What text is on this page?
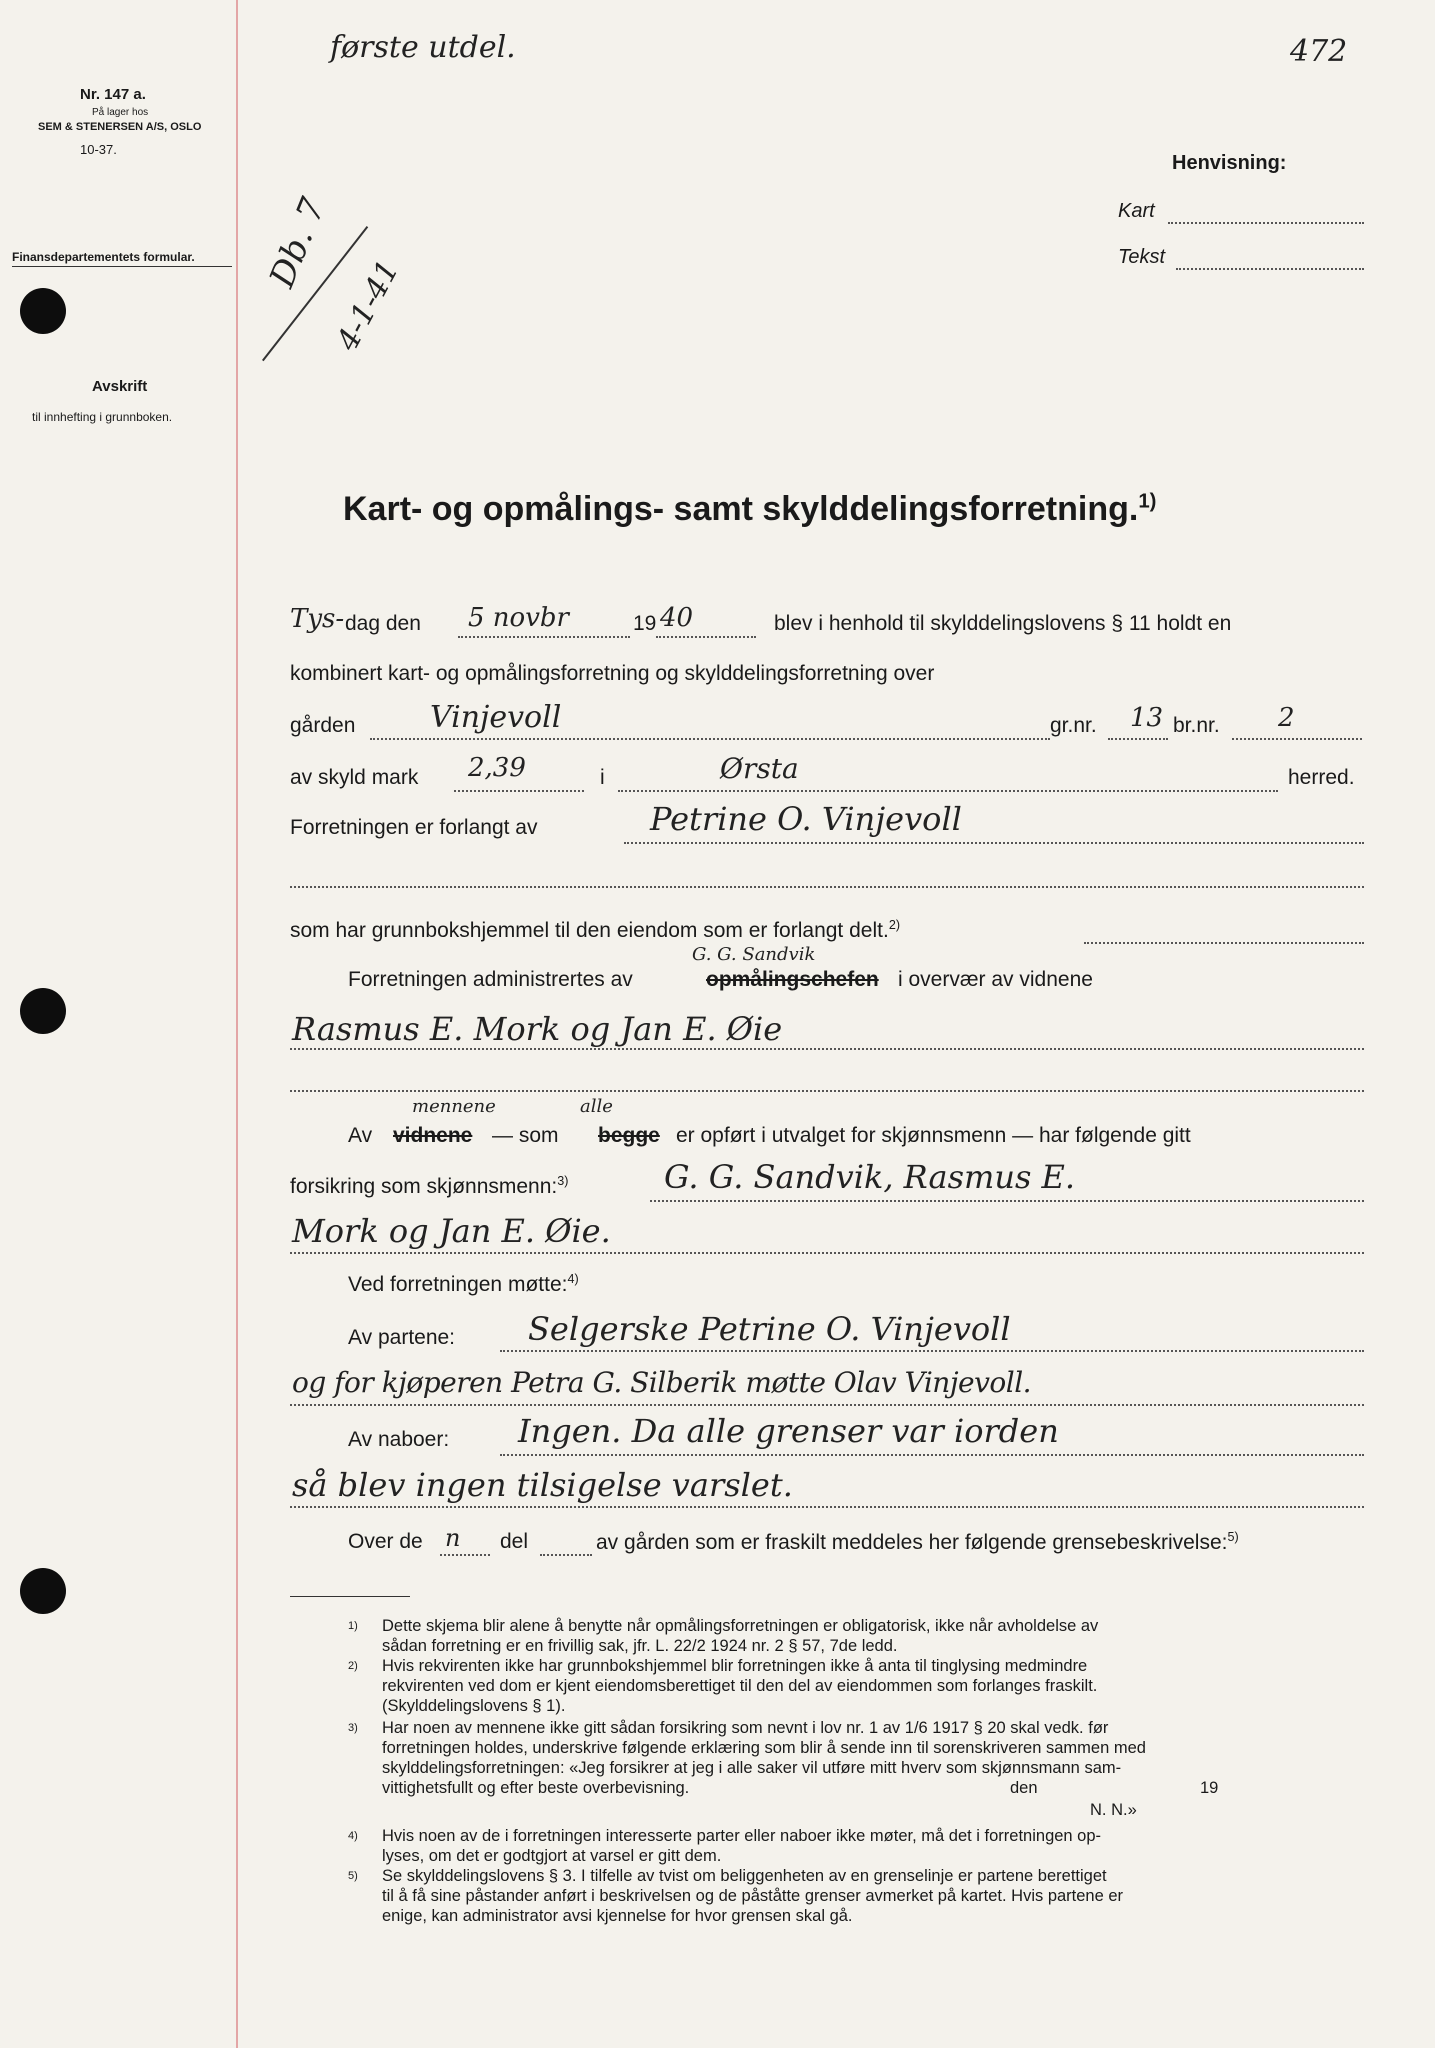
Nr. 147 a.
På lager hos
SEM & STENERSEN A/S, OSLO
10-37.
Finansdepartementets formular.
Avskrift
til innhefting i grunnboken.
første utdel.	472
Db. 7
4-1-41
Henvisning:
Kart
Tekst
Kart- og opmålings- samt skylddelingsforretning.$^{1)}$
Tys- dag den 5 novbr	19 40	blev i henhold til skylddelingslovens § 11 holdt en
kombinert kart- og opmålingsforretning og skylddelingsforretning over
gården Vinjevoll	gr.nr. 13 br.nr. 2
av skyld mark 2,39	i	Ørsta	herred.
Forretningen er forlangt av	Petrine O. Vinjevoll
som har grunnbokshjemmel til den eiendom som er forlangt delt.$^{2)}$
G. G. Sandvik
Forretningen administrertes av	opmålingschefen i overvær av vidnene
Rasmus E. Mork og Jan E. Øie
mennene	alle
Av vidnene — som begge er opført i utvalget for skjønnsmenn — har følgende gitt
forsikring som skjønnsmenn:$^{3)}$	G. G. Sandvik, Rasmus E.
Mork og Jan E. Øie.
Ved forretningen møtte:$^{4)}$
Av partene: Selgerske Petrine O. Vinjevoll
og for kjøperen Petra G. Silberik møtte Olav Vinjevoll.
Av naboer: Ingen. Da alle grenser var iorden
så blev ingen tilsigelse varslet.
Over de n del	av gården som er fraskilt meddeles her følgende grensebeskrivelse:$^{5)}$
1) Dette skjema blir alene å benytte når opmålingsforretningen er obligatorisk, ikke når avholdelse av
sådan forretning er en frivillig sak, jfr. L. 22/2 1924 nr. 2 § 57, 7de ledd.
2) Hvis rekvirenten ikke har grunnbokshjemmel blir forretningen ikke å anta til tinglysing medmindre
rekvirenten ved dom er kjent eiendomsberettiget til den del av eiendommen som forlanges fraskilt.
(Skylddelingslovens § 1).
3) Har noen av mennene ikke gitt sådan forsikring som nevnt i lov nr. 1 av 1/6 1917 § 20 skal vedk. før
forretningen holdes, underskrive følgende erklæring som blir å sende inn til sorenskriveren sammen med
skylddelingsforretningen: «Jeg forsikrer at jeg i alle saker vil utføre mitt hverv som skjønnsmann sam-
vittighetsfullt og efter beste overbevisning.	den	19
N. N.»
4) Hvis noen av de i forretningen interesserte parter eller naboer ikke møter, må det i forretningen op-
lyses, om det er godtgjort at varsel er gitt dem.
5) Se skylddelingslovens § 3. I tilfelle av tvist om beliggenheten av en grenselinje er partene berettiget
til å få sine påstander anført i beskrivelsen og de påståtte grenser avmerket på kartet. Hvis partene er
enige, kan administrator avsi kjennelse for hvor grensen skal gå.
